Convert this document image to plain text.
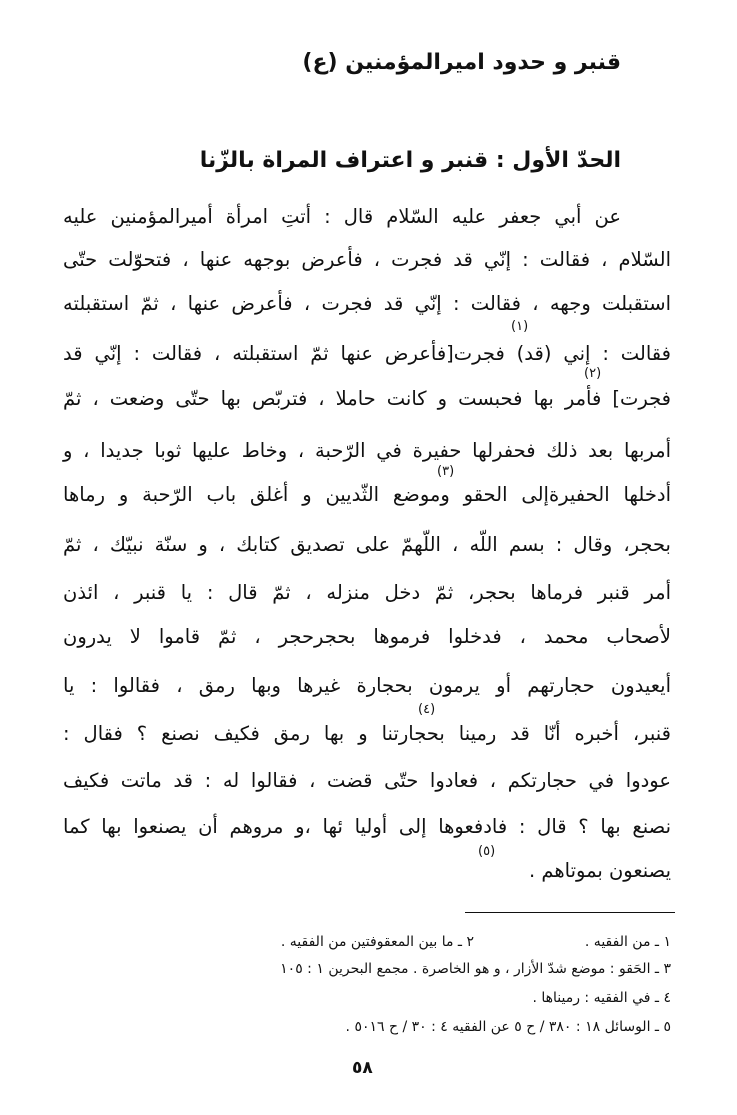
قنبر و حدود اميرالمؤمنين (ع)
الحدّ الأول : قنبر و اعتراف المراة بالزّنا
عن أبي جعفر عليه السّلام قال : أتتِ امرأة أميرالمؤمنين عليه
السّلام ، فقالت : إنّي قد فجرت ، فأعرض بوجهه عنها ، فتحوّلت حتّى
استقبلت وجهه ، فقالت : إنّي قد فجرت ، فأعرض عنها ، ثمّ استقبلته
فقالت : إني (قد) فجرت[فأعرض عنها ثمّ استقبلته ، فقالت : إنّي قد
فجرت] فأمر بها فحبست و كانت حاملا ، فتربّص بها حتّى وضعت ، ثمّ
أمربها بعد ذلك فحفرلها حفيرة في الرّحبة ، وخاط عليها ثوبا جديدا ، و
أدخلها الحفيرةإلى الحقو وموضع الثّديين و أغلق باب الرّحبة و رماها
بحجر، وقال : بسم اللّه ، اللّهمّ على تصديق كتابك ، و سنّة نبيّك ، ثمّ
أمر قنبر فرماها بحجر، ثمّ دخل منزله ، ثمّ قال : يا قنبر ، ائذن
لأصحاب محمد ، فدخلوا فرموها بحجرحجر ، ثمّ قاموا لا يدرون
أيعيدون حجارتهم أو يرمون بحجارة غيرها وبها رمق ، فقالوا : يا
قنبر، أخبره أنّا قد رمينا بحجارتنا و بها رمق فكيف نصنع ؟ فقال :
عودوا في حجارتكم ، فعادوا حتّى قضت ، فقالوا له : قد ماتت فكيف
نصنع بها ؟ قال : فادفعوها إلى أوليا ئها ،و مروهم أن يصنعوا بها كما
يصنعون بموتاهم .
(١)
(٢)
(٣)
(٤)
(٥)
١ ـ من الفقيه .
٢ ـ ما بين المعقوفتين من الفقيه .
٣ ـ الحَقو : موضع شدّ الأزار ، و هو الخاصرة . مجمع البحرين ١ : ١٠٥
٤ ـ في الفقيه : رميناها .
٥ ـ الوسائل ١٨ : ٣٨٠ / ح ٥ عن الفقيه ٤ : ٣٠ / ح ٥٠١٦ .
٥٨
